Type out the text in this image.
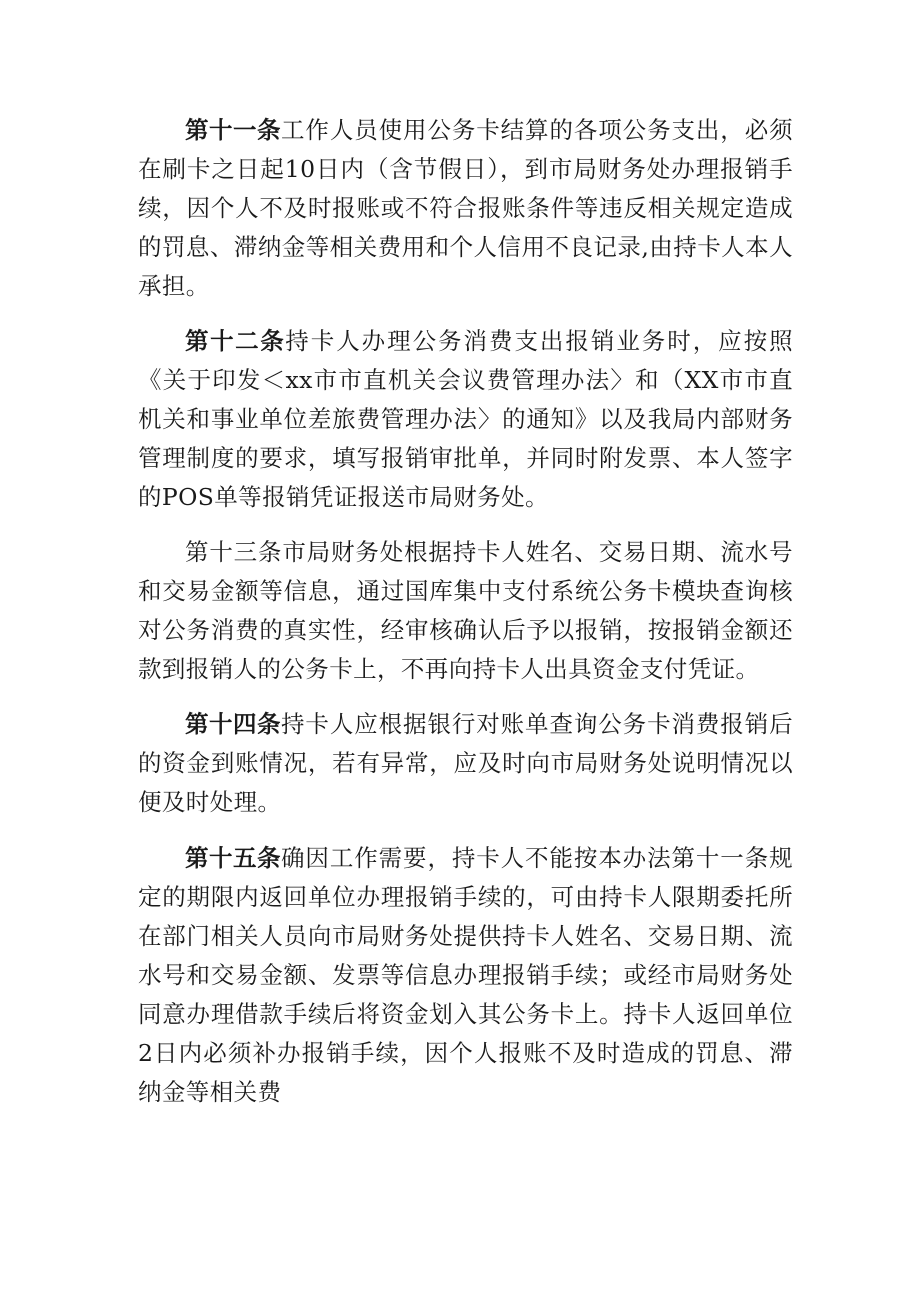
第十一条工作人员使用公务卡结算的各项公务支出，必须在刷卡之日起10日内（含节假日），到市局财务处办理报销手续，因个人不及时报账或不符合报账条件等违反相关规定造成的罚息、滞纳金等相关费用和个人信用不良记录,由持卡人本人承担。

第十二条持卡人办理公务消费支出报销业务时，应按照《关于印发＜xx市市直机关会议费管理办法〉和（XX市市直机关和事业单位差旅费管理办法〉的通知》以及我局内部财务管理制度的要求，填写报销审批单，并同时附发票、本人签字的POS单等报销凭证报送市局财务处。

第十三条市局财务处根据持卡人姓名、交易日期、流水号和交易金额等信息，通过国库集中支付系统公务卡模块查询核对公务消费的真实性，经审核确认后予以报销，按报销金额还款到报销人的公务卡上，不再向持卡人出具资金支付凭证。

第十四条持卡人应根据银行对账单查询公务卡消费报销后的资金到账情况，若有异常，应及时向市局财务处说明情况以便及时处理。

第十五条确因工作需要，持卡人不能按本办法第十一条规定的期限内返回单位办理报销手续的，可由持卡人限期委托所在部门相关人员向市局财务处提供持卡人姓名、交易日期、流水号和交易金额、发票等信息办理报销手续；或经市局财务处同意办理借款手续后将资金划入其公务卡上。持卡人返回单位2日内必须补办报销手续，因个人报账不及时造成的罚息、滞纳金等相关费
